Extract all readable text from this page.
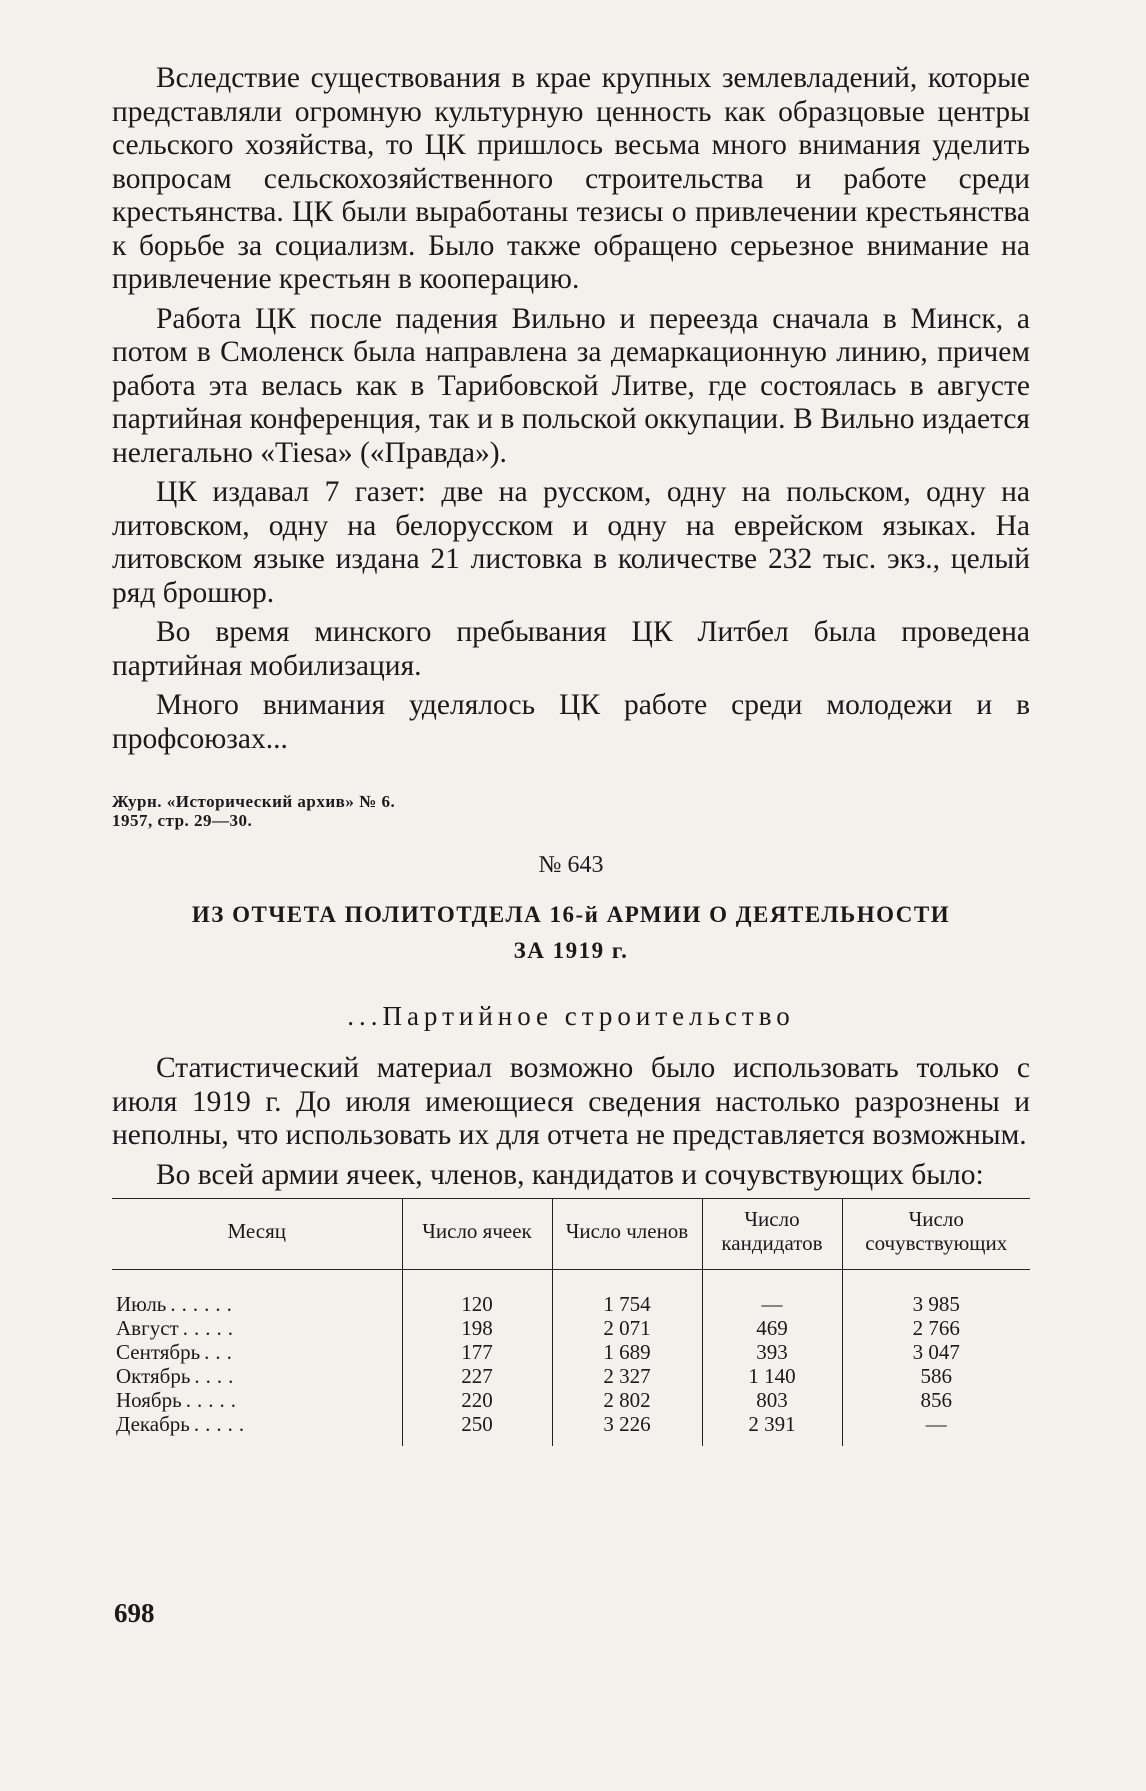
Вследствие существования в крае крупных землевладений, которые представляли огромную культурную ценность как образцовые центры сельского хозяйства, то ЦК пришлось весьма много внимания уделить вопросам сельскохозяйственного строительства и работе среди крестьянства. ЦК были выработаны тезисы о привлечении крестьянства к борьбе за социализм. Было также обращено серьезное внимание на привлечение крестьян в кооперацию.

Работа ЦК после падения Вильно и переезда сначала в Минск, а потом в Смоленск была направлена за демаркационную линию, причем работа эта велась как в Тарибовской Литве, где состоялась в августе партийная конференция, так и в польской оккупации. В Вильно издается нелегально «Tiesa» («Правда»).

ЦК издавал 7 газет: две на русском, одну на польском, одну на литовском, одну на белорусском и одну на еврейском языках. На литовском языке издана 21 листовка в количестве 232 тыс. экз., целый ряд брошюр.

Во время минского пребывания ЦК Литбел была проведена партийная мобилизация.

Много внимания уделялось ЦК работе среди молодежи и в профсоюзах...

Журн. «Исторический архив» № 6.
1957, стр. 29—30.
№ 643
ИЗ ОТЧЕТА ПОЛИТОТДЕЛА 16-й АРМИИ О ДЕЯТЕЛЬНОСТИ
ЗА 1919 г.
...Партийное строительство

Статистический материал возможно было использовать только с июля 1919 г. До июля имеющиеся сведения настолько разрознены и неполны, что использовать их для отчета не представляется возможным.

Во всей армии ячеек, членов, кандидатов и сочувствующих было:

Месяц	Число ячеек	Число членов	Число кандидатов	Число сочувствующих
Июль ......	120	1 754	—	3 985
Август .....	198	2 071	469	2 766
Сентябрь ...	177	1 689	393	3 047
Октябрь ....	227	2 327	1 140	586
Ноябрь .....	220	2 802	803	856
Декабрь .....	250	3 226	2 391	—
698
